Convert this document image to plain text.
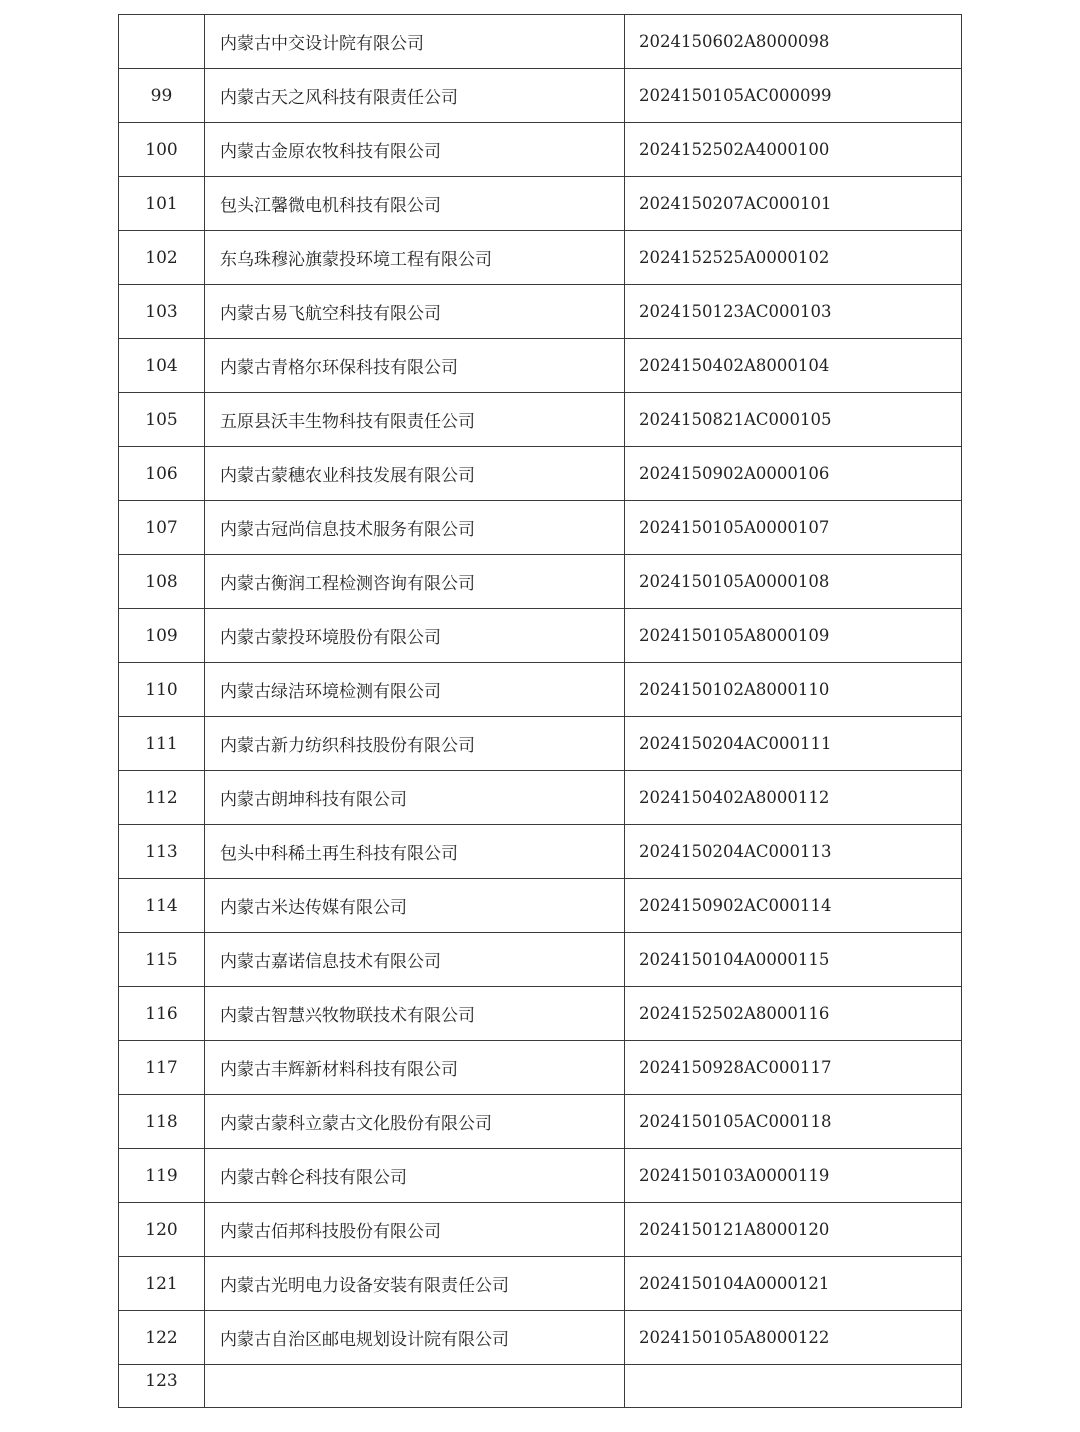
	内蒙古中交设计院有限公司	2024150602A8000098
99	内蒙古天之风科技有限责任公司	2024150105AC000099
100	内蒙古金原农牧科技有限公司	2024152502A4000100
101	包头江馨微电机科技有限公司	2024150207AC000101
102	东乌珠穆沁旗蒙投环境工程有限公司	2024152525A0000102
103	内蒙古易飞航空科技有限公司	2024150123AC000103
104	内蒙古青格尔环保科技有限公司	2024150402A8000104
105	五原县沃丰生物科技有限责任公司	2024150821AC000105
106	内蒙古蒙穗农业科技发展有限公司	2024150902A0000106
107	内蒙古冠尚信息技术服务有限公司	2024150105A0000107
108	内蒙古衡润工程检测咨询有限公司	2024150105A0000108
109	内蒙古蒙投环境股份有限公司	2024150105A8000109
110	内蒙古绿洁环境检测有限公司	2024150102A8000110
111	内蒙古新力纺织科技股份有限公司	2024150204AC000111
112	内蒙古朗坤科技有限公司	2024150402A8000112
113	包头中科稀土再生科技有限公司	2024150204AC000113
114	内蒙古米达传媒有限公司	2024150902AC000114
115	内蒙古嘉诺信息技术有限公司	2024150104A0000115
116	内蒙古智慧兴牧物联技术有限公司	2024152502A8000116
117	内蒙古丰辉新材料科技有限公司	2024150928AC000117
118	内蒙古蒙科立蒙古文化股份有限公司	2024150105AC000118
119	内蒙古斡仑科技有限公司	2024150103A0000119
120	内蒙古佰邦科技股份有限公司	2024150121A8000120
121	内蒙古光明电力设备安装有限责任公司	2024150104A0000121
122	内蒙古自治区邮电规划设计院有限公司	2024150105A8000122
123		
